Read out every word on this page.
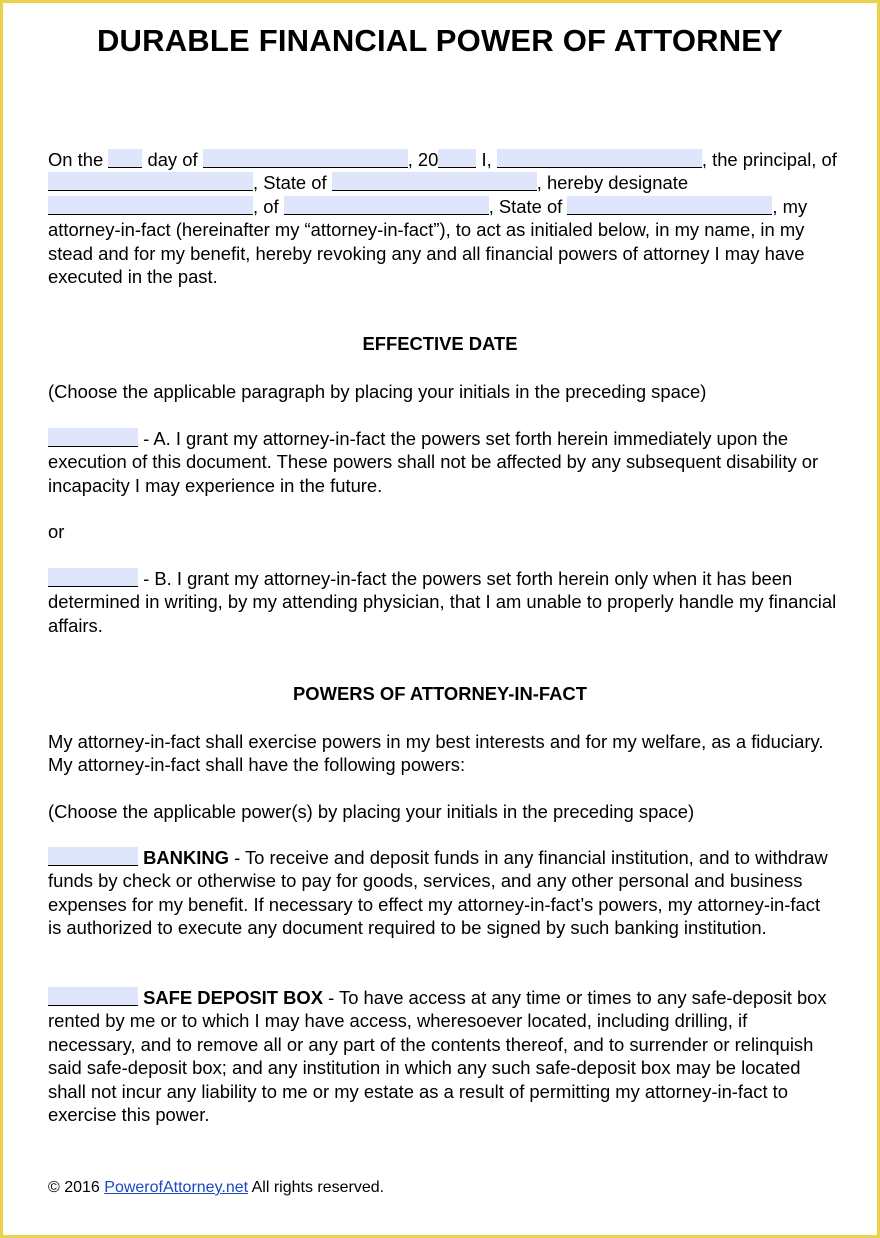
DURABLE FINANCIAL POWER OF ATTORNEY
On the day of	, 20 I,	, the principal, of , State of	, hereby designate , of	, State of	, my attorney-in-fact (hereinafter my “attorney-in-fact”), to act as initialed below, in my name, in my stead and for my benefit, hereby revoking any and all financial powers of attorney I may have executed in the past.
EFFECTIVE DATE
(Choose the applicable paragraph by placing your initials in the preceding space)
- A. I grant my attorney-in-fact the powers set forth herein immediately upon the execution of this document. These powers shall not be affected by any subsequent disability or incapacity I may experience in the future.
or
- B. I grant my attorney-in-fact the powers set forth herein only when it has been determined in writing, by my attending physician, that I am unable to properly handle my financial affairs.
POWERS OF ATTORNEY-IN-FACT
My attorney-in-fact shall exercise powers in my best interests and for my welfare, as a fiduciary. My attorney-in-fact shall have the following powers:
(Choose the applicable power(s) by placing your initials in the preceding space)
BANKING - To receive and deposit funds in any financial institution, and to withdraw funds by check or otherwise to pay for goods, services, and any other personal and business expenses for my benefit. If necessary to effect my attorney-in-fact’s powers, my attorney-in-fact is authorized to execute any document required to be signed by such banking institution.
SAFE DEPOSIT BOX - To have access at any time or times to any safe-deposit box rented by me or to which I may have access, wheresoever located, including drilling, if necessary, and to remove all or any part of the contents thereof, and to surrender or relinquish said safe-deposit box; and any institution in which any such safe-deposit box may be located shall not incur any liability to me or my estate as a result of permitting my attorney-in-fact to exercise this power.
© 2016 PowerofAttorney.net All rights reserved.
